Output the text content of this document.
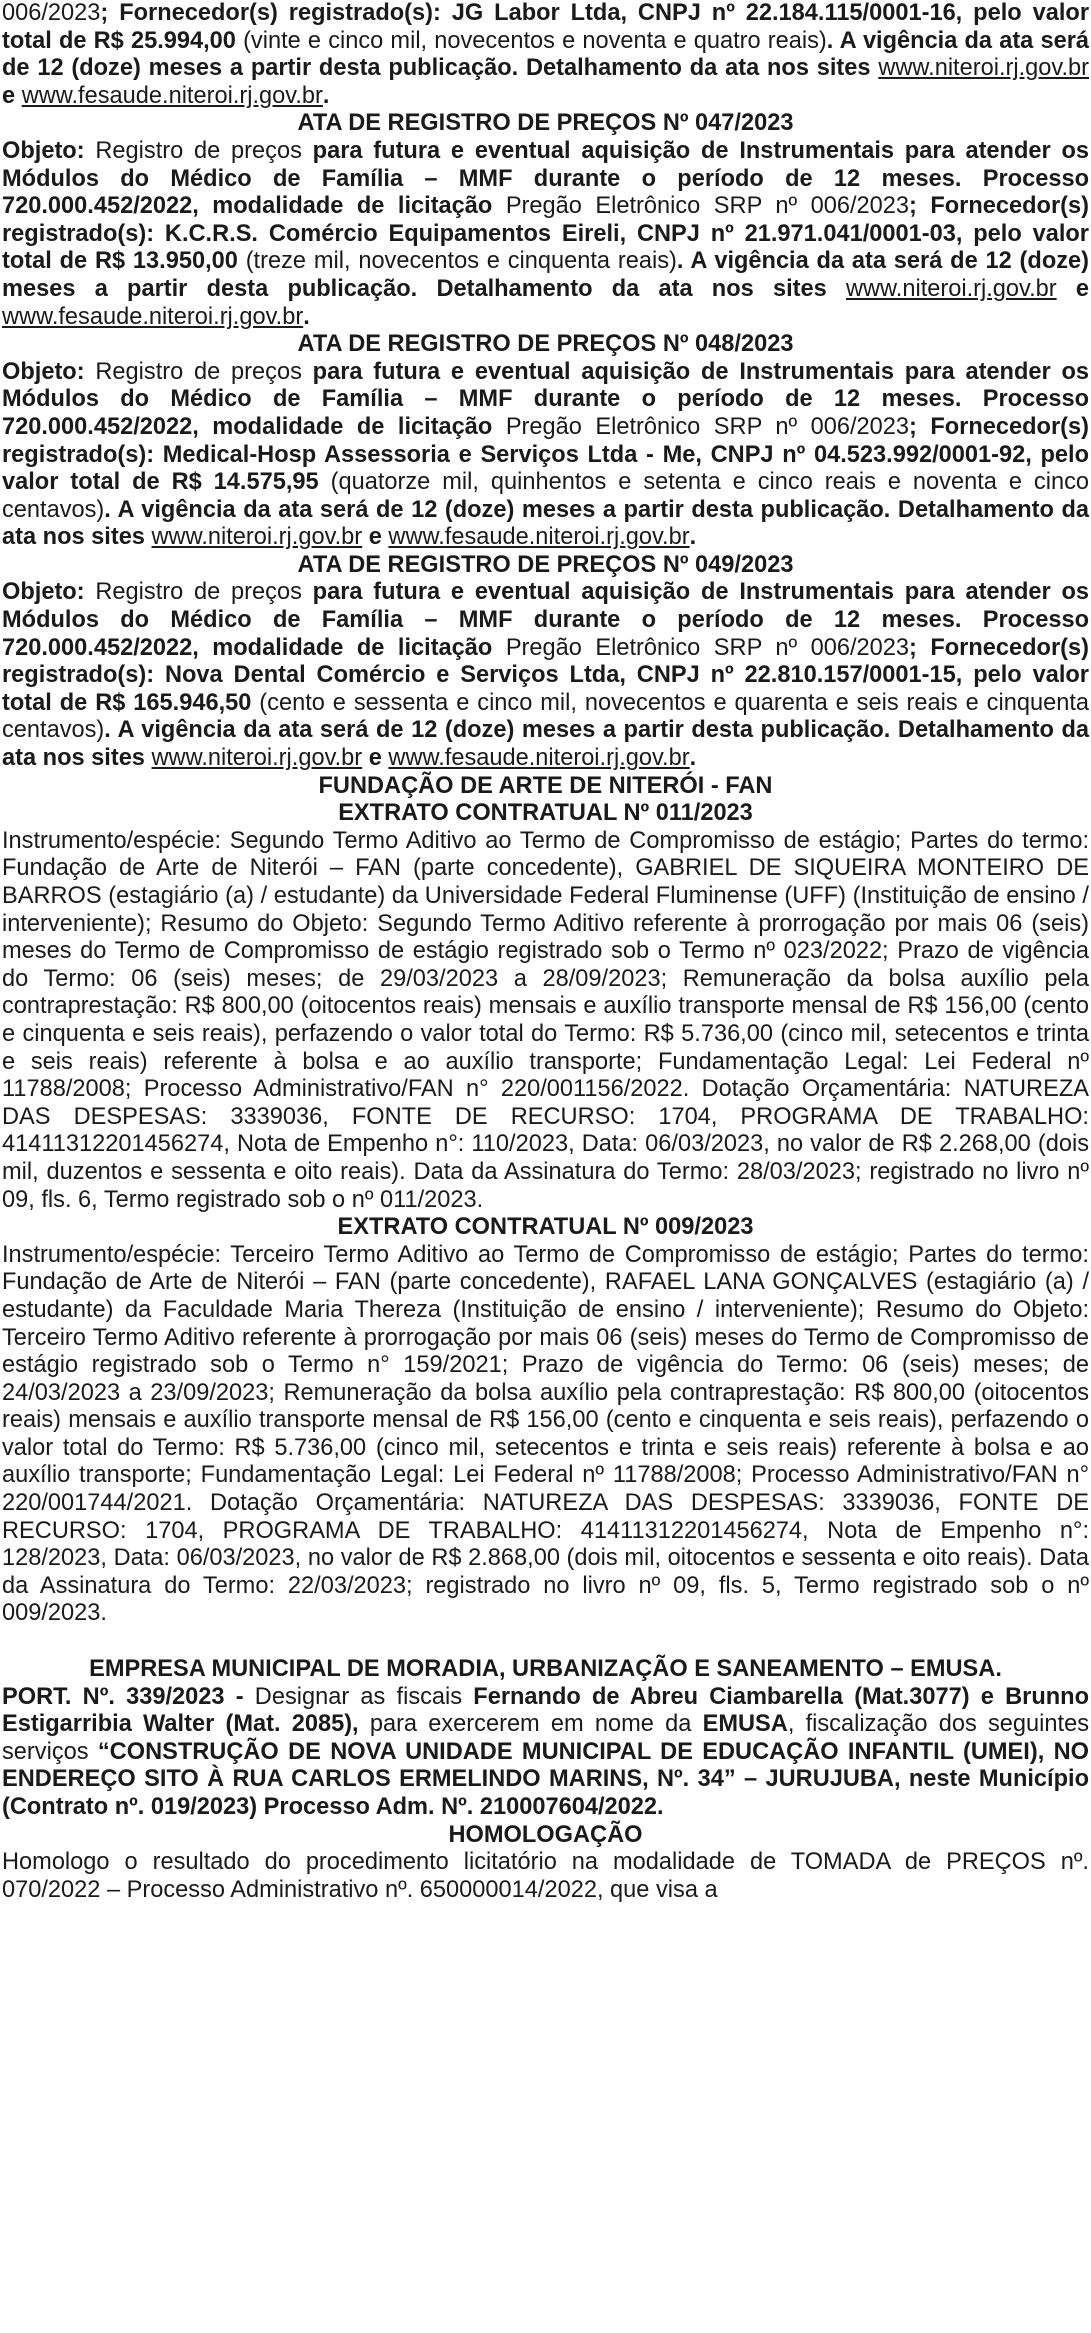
006/2023; Fornecedor(s) registrado(s): JG Labor Ltda, CNPJ nº 22.184.115/0001-16, pelo valor total de R$ 25.994,00 (vinte e cinco mil, novecentos e noventa e quatro reais). A vigência da ata será de 12 (doze) meses a partir desta publicação. Detalhamento da ata nos sites www.niteroi.rj.gov.br e www.fesaude.niteroi.rj.gov.br.

ATA DE REGISTRO DE PREÇOS Nº 047/2023

Objeto: Registro de preços para futura e eventual aquisição de Instrumentais para atender os Módulos do Médico de Família – MMF durante o período de 12 meses. Processo 720.000.452/2022, modalidade de licitação Pregão Eletrônico SRP nº 006/2023; Fornecedor(s) registrado(s): K.C.R.S. Comércio Equipamentos Eireli, CNPJ nº 21.971.041/0001-03, pelo valor total de R$ 13.950,00 (treze mil, novecentos e cinquenta reais). A vigência da ata será de 12 (doze) meses a partir desta publicação. Detalhamento da ata nos sites www.niteroi.rj.gov.br e www.fesaude.niteroi.rj.gov.br.

ATA DE REGISTRO DE PREÇOS Nº 048/2023

Objeto: Registro de preços para futura e eventual aquisição de Instrumentais para atender os Módulos do Médico de Família – MMF durante o período de 12 meses. Processo 720.000.452/2022, modalidade de licitação Pregão Eletrônico SRP nº 006/2023; Fornecedor(s) registrado(s): Medical-Hosp Assessoria e Serviços Ltda - Me, CNPJ nº 04.523.992/0001-92, pelo valor total de R$ 14.575,95 (quatorze mil, quinhentos e setenta e cinco reais e noventa e cinco centavos). A vigência da ata será de 12 (doze) meses a partir desta publicação. Detalhamento da ata nos sites www.niteroi.rj.gov.br e www.fesaude.niteroi.rj.gov.br.

ATA DE REGISTRO DE PREÇOS Nº 049/2023

Objeto: Registro de preços para futura e eventual aquisição de Instrumentais para atender os Módulos do Médico de Família – MMF durante o período de 12 meses. Processo 720.000.452/2022, modalidade de licitação Pregão Eletrônico SRP nº 006/2023; Fornecedor(s) registrado(s): Nova Dental Comércio e Serviços Ltda, CNPJ nº 22.810.157/0001-15, pelo valor total de R$ 165.946,50 (cento e sessenta e cinco mil, novecentos e quarenta e seis reais e cinquenta centavos). A vigência da ata será de 12 (doze) meses a partir desta publicação. Detalhamento da ata nos sites www.niteroi.rj.gov.br e www.fesaude.niteroi.rj.gov.br.

FUNDAÇÃO DE ARTE DE NITERÓI - FAN

EXTRATO CONTRATUAL Nº 011/2023

Instrumento/espécie: Segundo Termo Aditivo ao Termo de Compromisso de estágio; Partes do termo: Fundação de Arte de Niterói – FAN (parte concedente), GABRIEL DE SIQUEIRA MONTEIRO DE BARROS (estagiário (a) / estudante) da Universidade Federal Fluminense (UFF) (Instituição de ensino / interveniente); Resumo do Objeto: Segundo Termo Aditivo referente à prorrogação por mais 06 (seis) meses do Termo de Compromisso de estágio registrado sob o Termo nº 023/2022; Prazo de vigência do Termo: 06 (seis) meses; de 29/03/2023 a 28/09/2023; Remuneração da bolsa auxílio pela contraprestação: R$ 800,00 (oitocentos reais) mensais e auxílio transporte mensal de R$ 156,00 (cento e cinquenta e seis reais), perfazendo o valor total do Termo: R$ 5.736,00 (cinco mil, setecentos e trinta e seis reais) referente à bolsa e ao auxílio transporte; Fundamentação Legal: Lei Federal nº 11788/2008; Processo Administrativo/FAN n° 220/001156/2022. Dotação Orçamentária: NATUREZA DAS DESPESAS: 3339036, FONTE DE RECURSO: 1704, PROGRAMA DE TRABALHO: 41411312201456274, Nota de Empenho n°: 110/2023, Data: 06/03/2023, no valor de R$ 2.268,00 (dois mil, duzentos e sessenta e oito reais). Data da Assinatura do Termo: 28/03/2023; registrado no livro nº 09, fls. 6, Termo registrado sob o nº 011/2023.

EXTRATO CONTRATUAL Nº 009/2023

Instrumento/espécie: Terceiro Termo Aditivo ao Termo de Compromisso de estágio; Partes do termo: Fundação de Arte de Niterói – FAN (parte concedente), RAFAEL LANA GONÇALVES (estagiário (a) / estudante) da Faculdade Maria Thereza (Instituição de ensino / interveniente); Resumo do Objeto: Terceiro Termo Aditivo referente à prorrogação por mais 06 (seis) meses do Termo de Compromisso de estágio registrado sob o Termo n° 159/2021; Prazo de vigência do Termo: 06 (seis) meses; de 24/03/2023 a 23/09/2023; Remuneração da bolsa auxílio pela contraprestação: R$ 800,00 (oitocentos reais) mensais e auxílio transporte mensal de R$ 156,00 (cento e cinquenta e seis reais), perfazendo o valor total do Termo: R$ 5.736,00 (cinco mil, setecentos e trinta e seis reais) referente à bolsa e ao auxílio transporte; Fundamentação Legal: Lei Federal nº 11788/2008; Processo Administrativo/FAN n° 220/001744/2021. Dotação Orçamentária: NATUREZA DAS DESPESAS: 3339036, FONTE DE RECURSO: 1704, PROGRAMA DE TRABALHO: 41411312201456274, Nota de Empenho n°: 128/2023, Data: 06/03/2023, no valor de R$ 2.868,00 (dois mil, oitocentos e sessenta e oito reais). Data da Assinatura do Termo: 22/03/2023; registrado no livro nº 09, fls. 5, Termo registrado sob o nº 009/2023.

EMPRESA MUNICIPAL DE MORADIA, URBANIZAÇÃO E SANEAMENTO – EMUSA.

PORT. Nº. 339/2023 - Designar as fiscais Fernando de Abreu Ciambarella (Mat.3077) e Brunno Estigarribia Walter (Mat. 2085), para exercerem em nome da EMUSA, fiscalização dos seguintes serviços “CONSTRUÇÃO DE NOVA UNIDADE MUNICIPAL DE EDUCAÇÃO INFANTIL (UMEI), NO ENDEREÇO SITO À RUA CARLOS ERMELINDO MARINS, Nº. 34” – JURUJUBA, neste Município (Contrato nº. 019/2023) Processo Adm. Nº. 210007604/2022.

HOMOLOGAÇÃO

Homologo o resultado do procedimento licitatório na modalidade de TOMADA de PREÇOS nº. 070/2022 – Processo Administrativo nº. 650000014/2022, que visa a
